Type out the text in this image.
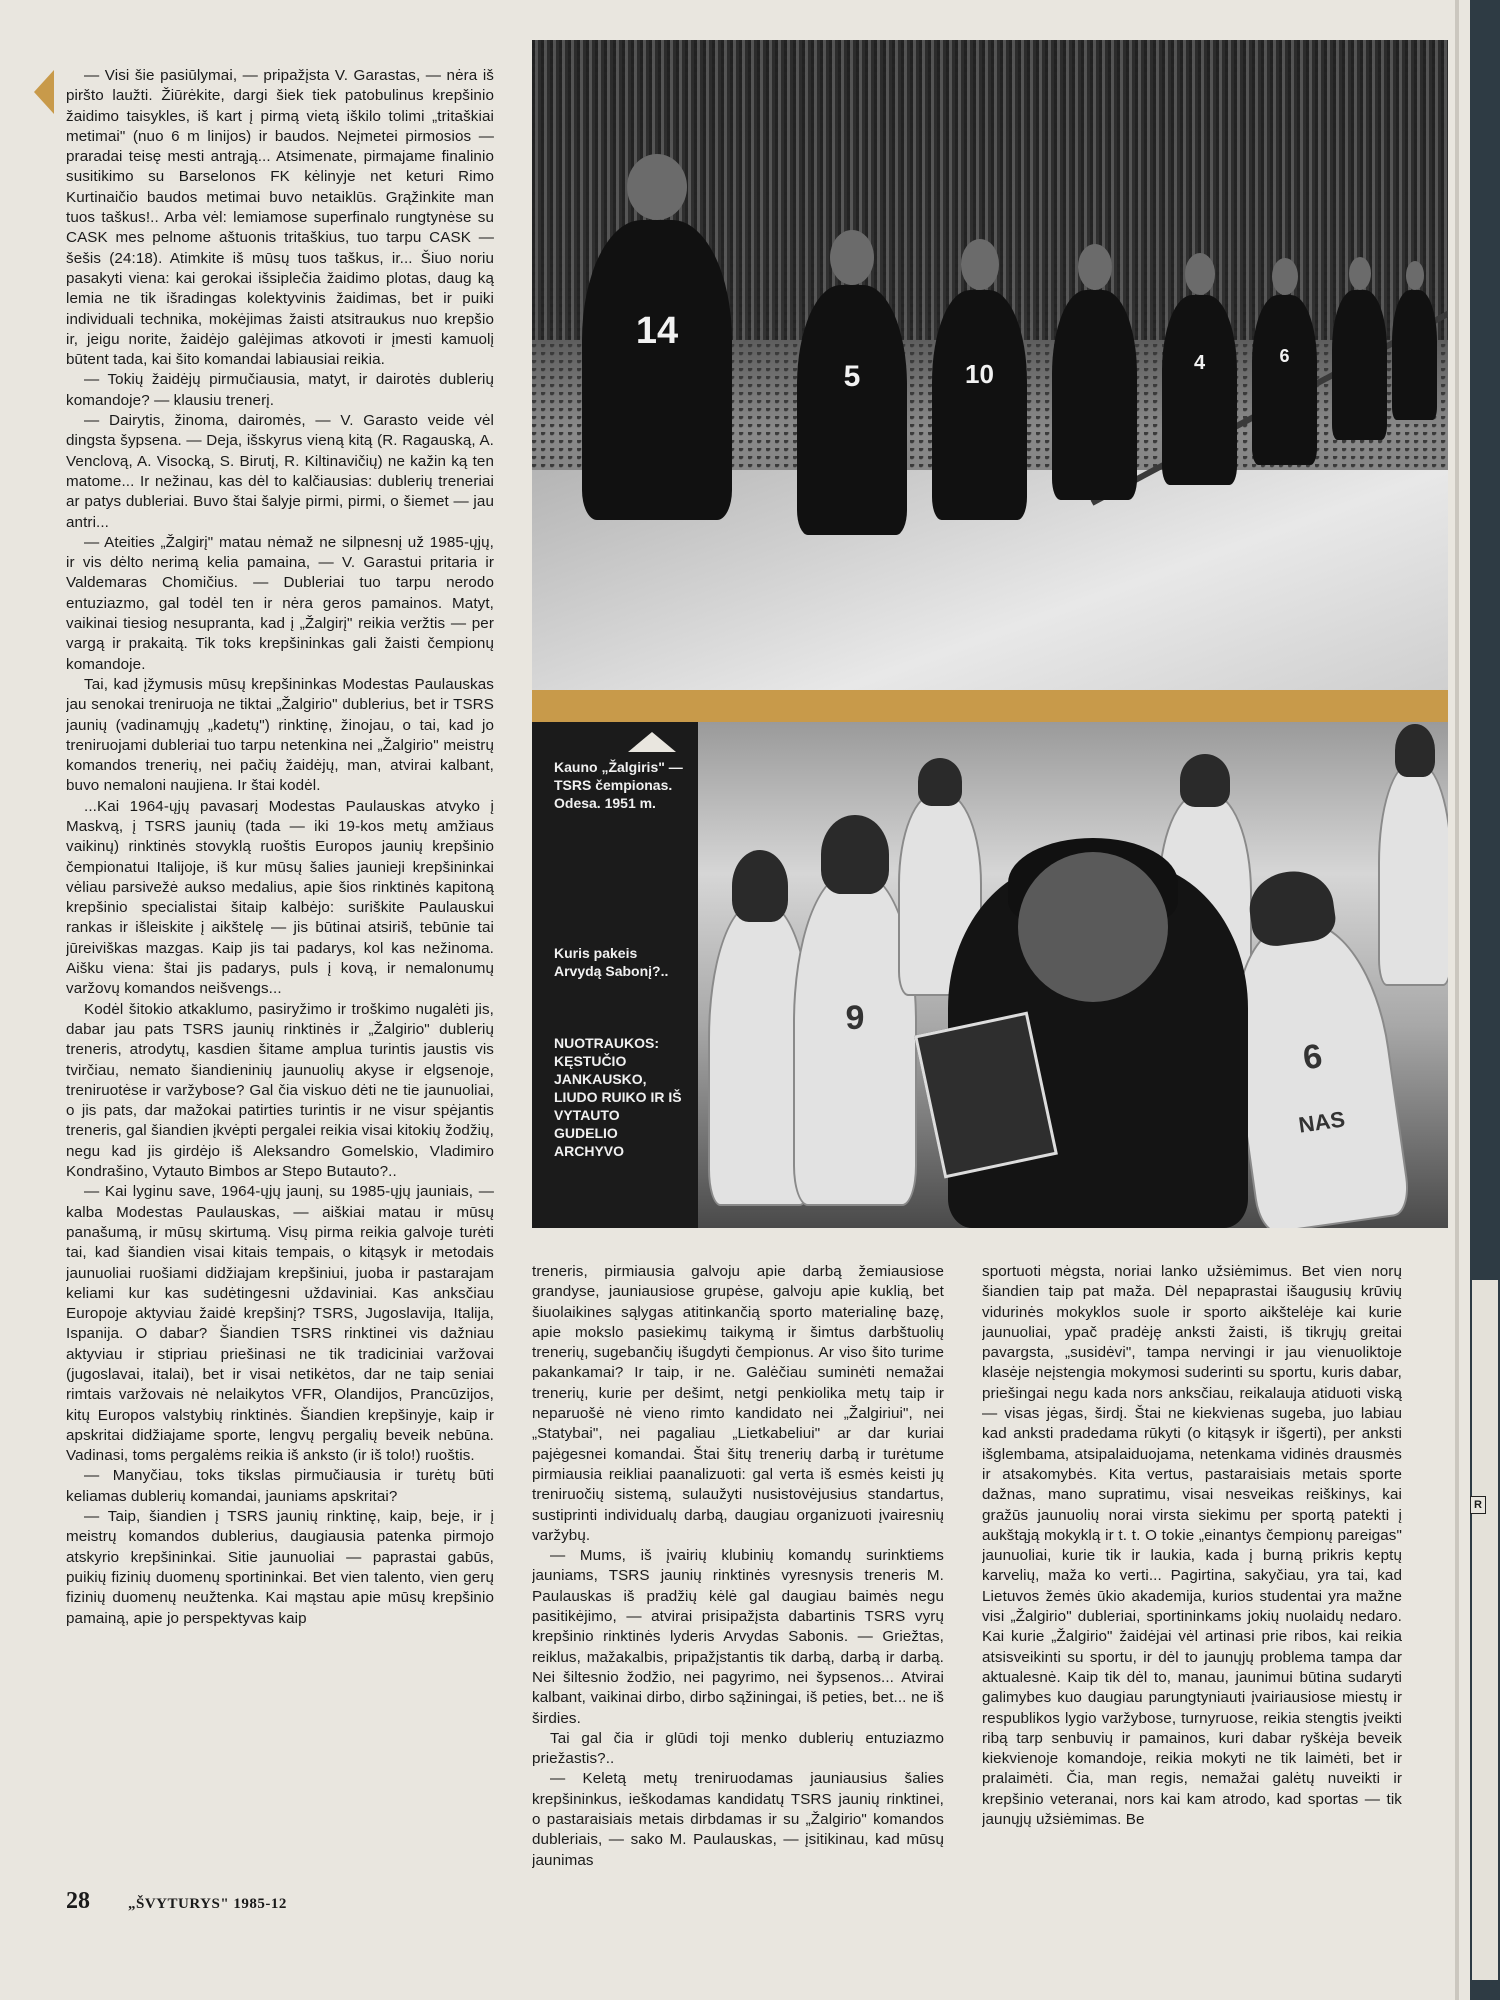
— Visi šie pasiūlymai, — pripažįsta V. Garastas, — nėra iš piršto laužti. Žiūrėkite, dargi šiek tiek patobulinus krepšinio žaidimo taisykles, iš kart į pirmą vietą iškilo tolimi „tritaškiai metimai" (nuo 6 m linijos) ir baudos. Neįmetei pirmosios — praradai teisę mesti antrąją... Atsimenate, pirmajame finalinio susitikimo su Barselonos FK kėlinyje net keturi Rimo Kurtinaičio baudos metimai buvo netaiklūs. Grąžinkite man tuos taškus!.. Arba vėl: lemiamose superfinalo rungtynėse su CASK mes pelnome aštuonis tritaškius, tuo tarpu CASK — šešis (24:18). Atimkite iš mūsų tuos taškus, ir... Šiuo noriu pasakyti viena: kai gerokai išsiplečia žaidimo plotas, daug ką lemia ne tik išradingas kolektyvinis žaidimas, bet ir puiki individuali technika, mokėjimas žaisti atsitraukus nuo krepšio ir, jeigu norite, žaidėjo galėjimas atkovoti ir įmesti kamuolį būtent tada, kai šito komandai labiausiai reikia.

— Tokių žaidėjų pirmučiausia, matyt, ir dairotės dublerių komandoje? — klausiu trenerį.

— Dairytis, žinoma, dairomės, — V. Garasto veide vėl dingsta šypsena. — Deja, išskyrus vieną kitą (R. Ragauską, A. Venclovą, A. Visocką, S. Birutį, R. Kiltinavičių) ne kažin ką ten matome... Ir nežinau, kas dėl to kalčiausias: dublerių treneriai ar patys dubleriai. Buvo štai šalyje pirmi, pirmi, o šiemet — jau antri...

— Ateities „Žalgirį" matau nėmaž ne silpnesnį už 1985-ųjų, ir vis dėlto nerimą kelia pamaina, — V. Garastui pritaria ir Valdemaras Chomičius. — Dubleriai tuo tarpu nerodo entuziazmo, gal todėl ten ir nėra geros pamainos. Matyt, vaikinai tiesiog nesupranta, kad į „Žalgirį" reikia veržtis — per vargą ir prakaitą. Tik toks krepšininkas gali žaisti čempionų komandoje.

Tai, kad įžymusis mūsų krepšininkas Modestas Paulauskas jau senokai treniruoja ne tiktai „Žalgirio" dublerius, bet ir TSRS jaunių (vadinamųjų „kadetų") rinktinę, žinojau, o tai, kad jo treniruojami dubleriai tuo tarpu netenkina nei „Žalgirio" meistrų komandos trenerių, nei pačių žaidėjų, man, atvirai kalbant, buvo nemaloni naujiena. Ir štai kodėl.

...Kai 1964-ųjų pavasarį Modestas Paulauskas atvyko į Maskvą, į TSRS jaunių (tada — iki 19-kos metų amžiaus vaikinų) rinktinės stovyklą ruoštis Europos jaunių krepšinio čempionatui Italijoje, iš kur mūsų šalies jaunieji krepšininkai vėliau parsivežė aukso medalius, apie šios rinktinės kapitoną krepšinio specialistai šitaip kalbėjo: suriškite Paulauskui rankas ir išleiskite į aikštelę — jis būtinai atsiriš, tebūnie tai jūreiviškas mazgas. Kaip jis tai padarys, kol kas nežinoma. Aišku viena: štai jis padarys, puls į kovą, ir nemalonumų varžovų komandos neišvengs...

Kodėl šitokio atkaklumo, pasiryžimo ir troškimo nugalėti jis, dabar jau pats TSRS jaunių rinktinės ir „Žalgirio" dublerių treneris, atrodytų, kasdien šitame amplua turintis jaustis vis tvirčiau, nemato šiandieninių jaunuolių akyse ir elgsenoje, treniruotėse ir varžybose? Gal čia viskuo dėti ne tie jaunuoliai, o jis pats, dar mažokai patirties turintis ir ne visur spėjantis treneris, gal šiandien įkvėpti pergalei reikia visai kitokių žodžių, negu kad jis girdėjo iš Aleksandro Gomelskio, Vladimiro Kondrašino, Vytauto Bimbos ar Stepo Butauto?..

— Kai lyginu save, 1964-ųjų jaunį, su 1985-ųjų jauniais, — kalba Modestas Paulauskas, — aiškiai matau ir mūsų panašumą, ir mūsų skirtumą. Visų pirma reikia galvoje turėti tai, kad šiandien visai kitais tempais, o kitąsyk ir metodais jaunuoliai ruošiami didžiajam krepšiniui, juoba ir pastarajam keliami kur kas sudėtingesni uždaviniai. Kas anksčiau Europoje aktyviau žaidė krepšinį? TSRS, Jugoslavija, Italija, Ispanija. O dabar? Šiandien TSRS rinktinei vis dažniau aktyviau ir stipriau priešinasi ne tik tradiciniai varžovai (jugoslavai, italai), bet ir visai netikėtos, dar ne taip seniai rimtais varžovais nė nelaikytos VFR, Olandijos, Prancūzijos, kitų Europos valstybių rinktinės. Šiandien krepšinyje, kaip ir apskritai didžiajame sporte, lengvų pergalių beveik nebūna. Vadinasi, toms pergalėms reikia iš anksto (ir iš tolo!) ruoštis.

— Manyčiau, toks tikslas pirmučiausia ir turėtų būti keliamas dublerių komandai, jauniams apskritai?

— Taip, šiandien į TSRS jaunių rinktinę, kaip, beje, ir į meistrų komandos dublerius, daugiausia patenka pirmojo atskyrio krepšininkai. Sitie jaunuoliai — paprastai gabūs, puikių fizinių duomenų sportininkai. Bet vien talento, vien gerų fizinių duomenų neužtenka. Kai mąstau apie mūsų krepšinio pamainą, apie jo perspektyvas kaip

14
5	10	4	6
Kauno „Žalgiris" — TSRS čempionas. Odesa. 1951 m.
Kuris pakeis Arvydą Sabonį?..
NUOTRAUKOS: KĘSTUČIO JANKAUSKO, LIUDO RUIKO IR IŠ VYTAUTO GUDELIO ARCHYVO
9
6
NAS

treneris, pirmiausia galvoju apie darbą žemiausiose grandyse, jauniausiose grupėse, galvoju apie kuklią, bet šiuolaikines sąlygas atitinkančią sporto materialinę bazę, apie mokslo pasiekimų taikymą ir šimtus darbštuolių trenerių, sugebančių išugdyti čempionus. Ar viso šito turime pakankamai? Ir taip, ir ne. Galėčiau suminėti nemažai trenerių, kurie per dešimt, netgi penkiolika metų taip ir neparuošė nė vieno rimto kandidato nei „Žalgiriui", nei „Statybai", nei pagaliau „Lietkabeliui" ar dar kuriai pajėgesnei komandai. Štai šitų trenerių darbą ir turėtume pirmiausia reikliai paanalizuoti: gal verta iš esmės keisti jų treniruočių sistemą, sulaužyti nusistovėjusius standartus, sustiprinti individualų darbą, daugiau organizuoti įvairesnių varžybų.

— Mums, iš įvairių klubinių komandų surinktiems jauniams, TSRS jaunių rinktinės vyresnysis treneris M. Paulauskas iš pradžių kėlė gal daugiau baimės negu pasitikėjimo, — atvirai prisipažįsta dabartinis TSRS vyrų krepšinio rinktinės lyderis Arvydas Sabonis. — Griežtas, reiklus, mažakalbis, pripažįstantis tik darbą, darbą ir darbą. Nei šiltesnio žodžio, nei pagyrimo, nei šypsenos... Atvirai kalbant, vaikinai dirbo, dirbo sąžiningai, iš peties, bet... ne iš širdies.

Tai gal čia ir glūdi toji menko dublerių entuziazmo priežastis?..

— Keletą metų treniruodamas jauniausius šalies krepšininkus, ieškodamas kandidatų TSRS jaunių rinktinei, o pastaraisiais metais dirbdamas ir su „Žalgirio" komandos dubleriais, — sako M. Paulauskas, — įsitikinau, kad mūsų jaunimas

sportuoti mėgsta, noriai lanko užsiėmimus. Bet vien norų šiandien taip pat maža. Dėl nepaprastai išaugusių krūvių vidurinės mokyklos suole ir sporto aikštelėje kai kurie jaunuoliai, ypač pradėję anksti žaisti, iš tikrųjų greitai pavargsta, „susidėvi", tampa nervingi ir jau vienuoliktoje klasėje neįstengia mokymosi suderinti su sportu, kuris dabar, priešingai negu kada nors anksčiau, reikalauja atiduoti viską — visas jėgas, širdį. Štai ne kiekvienas sugeba, juo labiau kad anksti pradedama rūkyti (o kitąsyk ir išgerti), per anksti išglembama, atsipalaiduojama, netenkama vidinės drausmės ir atsakomybės. Kita vertus, pastaraisiais metais sporte dažnas, mano supratimu, visai nesveikas reiškinys, kai gražūs jaunuolių norai virsta siekimu per sportą patekti į aukštąją mokyklą ir t. t. O tokie „einantys čempionų pareigas" jaunuoliai, kurie tik ir laukia, kada į burną prikris keptų karvelių, maža ko verti... Pagirtina, sakyčiau, yra tai, kad Lietuvos žemės ūkio akademija, kurios studentai yra mažne visi „Žalgirio" dubleriai, sportininkams jokių nuolaidų nedaro. Kai kurie „Žalgirio" žaidėjai vėl artinasi prie ribos, kai reikia atsisveikinti su sportu, ir dėl to jaunųjų problema tampa dar aktualesnė. Kaip tik dėl to, manau, jaunimui būtina sudaryti galimybes kuo daugiau parungtyniauti įvairiausiose miestų ir respublikos lygio varžybose, turnyruose, reikia stengtis įveikti ribą tarp senbuvių ir pamainos, kuri dabar ryškėja beveik kiekvienoje komandoje, reikia mokyti ne tik laimėti, bet ir pralaimėti. Čia, man regis, nemažai galėtų nuveikti ir krepšinio veteranai, nors kai kam atrodo, kad sportas — tik jaunųjų užsiėmimas. Be

28	„ŠVYTURYS" 1985-12
R
